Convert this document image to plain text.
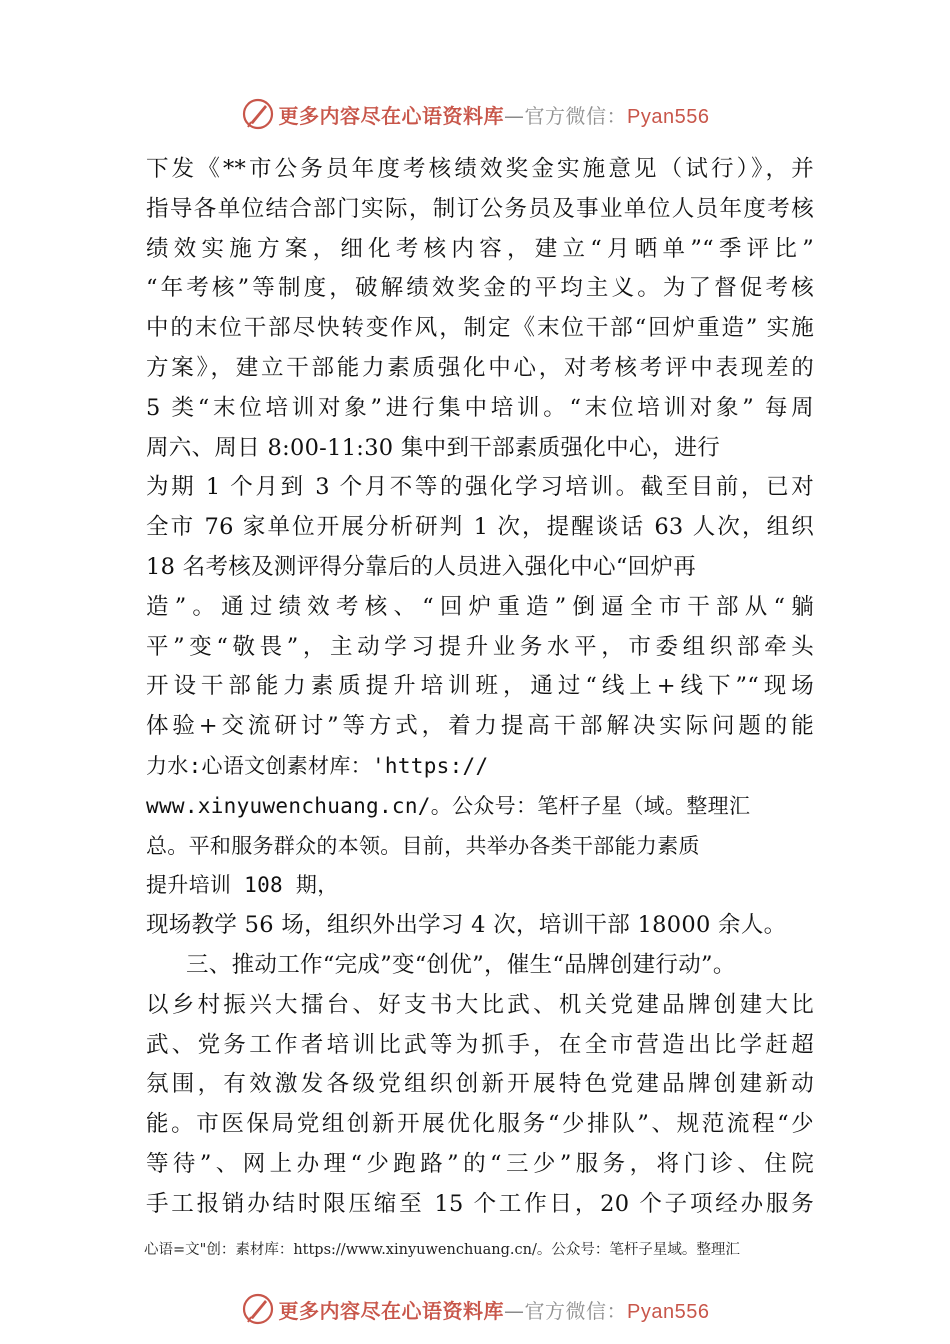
更多内容尽在心语资料库—官方微信：Pyan556
下发《**市公务员年度考核绩效奖金实施意见（试行）》，并
指导各单位结合部门实际，制订公务员及事业单位人员年度考核
绩效实施方案，细化考核内容，建立“月晒单”“季评比”
“年考核”等制度，破解绩效奖金的平均主义。为了督促考核
中的末位干部尽快转变作风，制定《末位干部“回炉重造” 实施
方案》，建立干部能力素质强化中心，对考核考评中表现差的
5 类“末位培训对象”进行集中培训。“末位培训对象” 每周
周六、周日 8:00-11:30 集中到干部素质强化中心，进行
为期 1 个月到 3 个月不等的强化学习培训。截至目前，已对
全市 76 家单位开展分析研判 1 次，提醒谈话 63 人次，组织
18 名考核及测评得分靠后的人员进入强化中心“回炉再
造”。通过绩效考核、“回炉重造”倒逼全市干部从“躺
平”变“敬畏”，主动学习提升业务水平，市委组织部牵头
开设干部能力素质提升培训班，通过“线上+线下”“现场
体验+交流研讨”等方式，着力提高干部解决实际问题的能
力水:心语文创素材库：'https://
www.xinyuwenchuang.cn/。公众号：笔杆子星（域。整理汇
总。平和服务群众的本领。目前，共举办各类干部能力素质
提升培训 108 期，
现场教学 56 场，组织外出学习 4 次，培训干部 18000 余人。
三、推动工作“完成”变“创优”，催生“品牌创建行动”。
以乡村振兴大擂台、好支书大比武、机关党建品牌创建大比
武、党务工作者培训比武等为抓手，在全市营造出比学赶超
氛围，有效激发各级党组织创新开展特色党建品牌创建新动
能。市医保局党组创新开展优化服务“少排队”、规范流程“少
等待”、网上办理“少跑路”的“三少”服务，将门诊、住院
手工报销办结时限压缩至 15 个工作日，20 个子项经办服务
心语=文"创：素材库：https://www.xinyuwenchuang.cn/。公众号：笔杆子星域。整理汇
更多内容尽在心语资料库—官方微信：Pyan556
